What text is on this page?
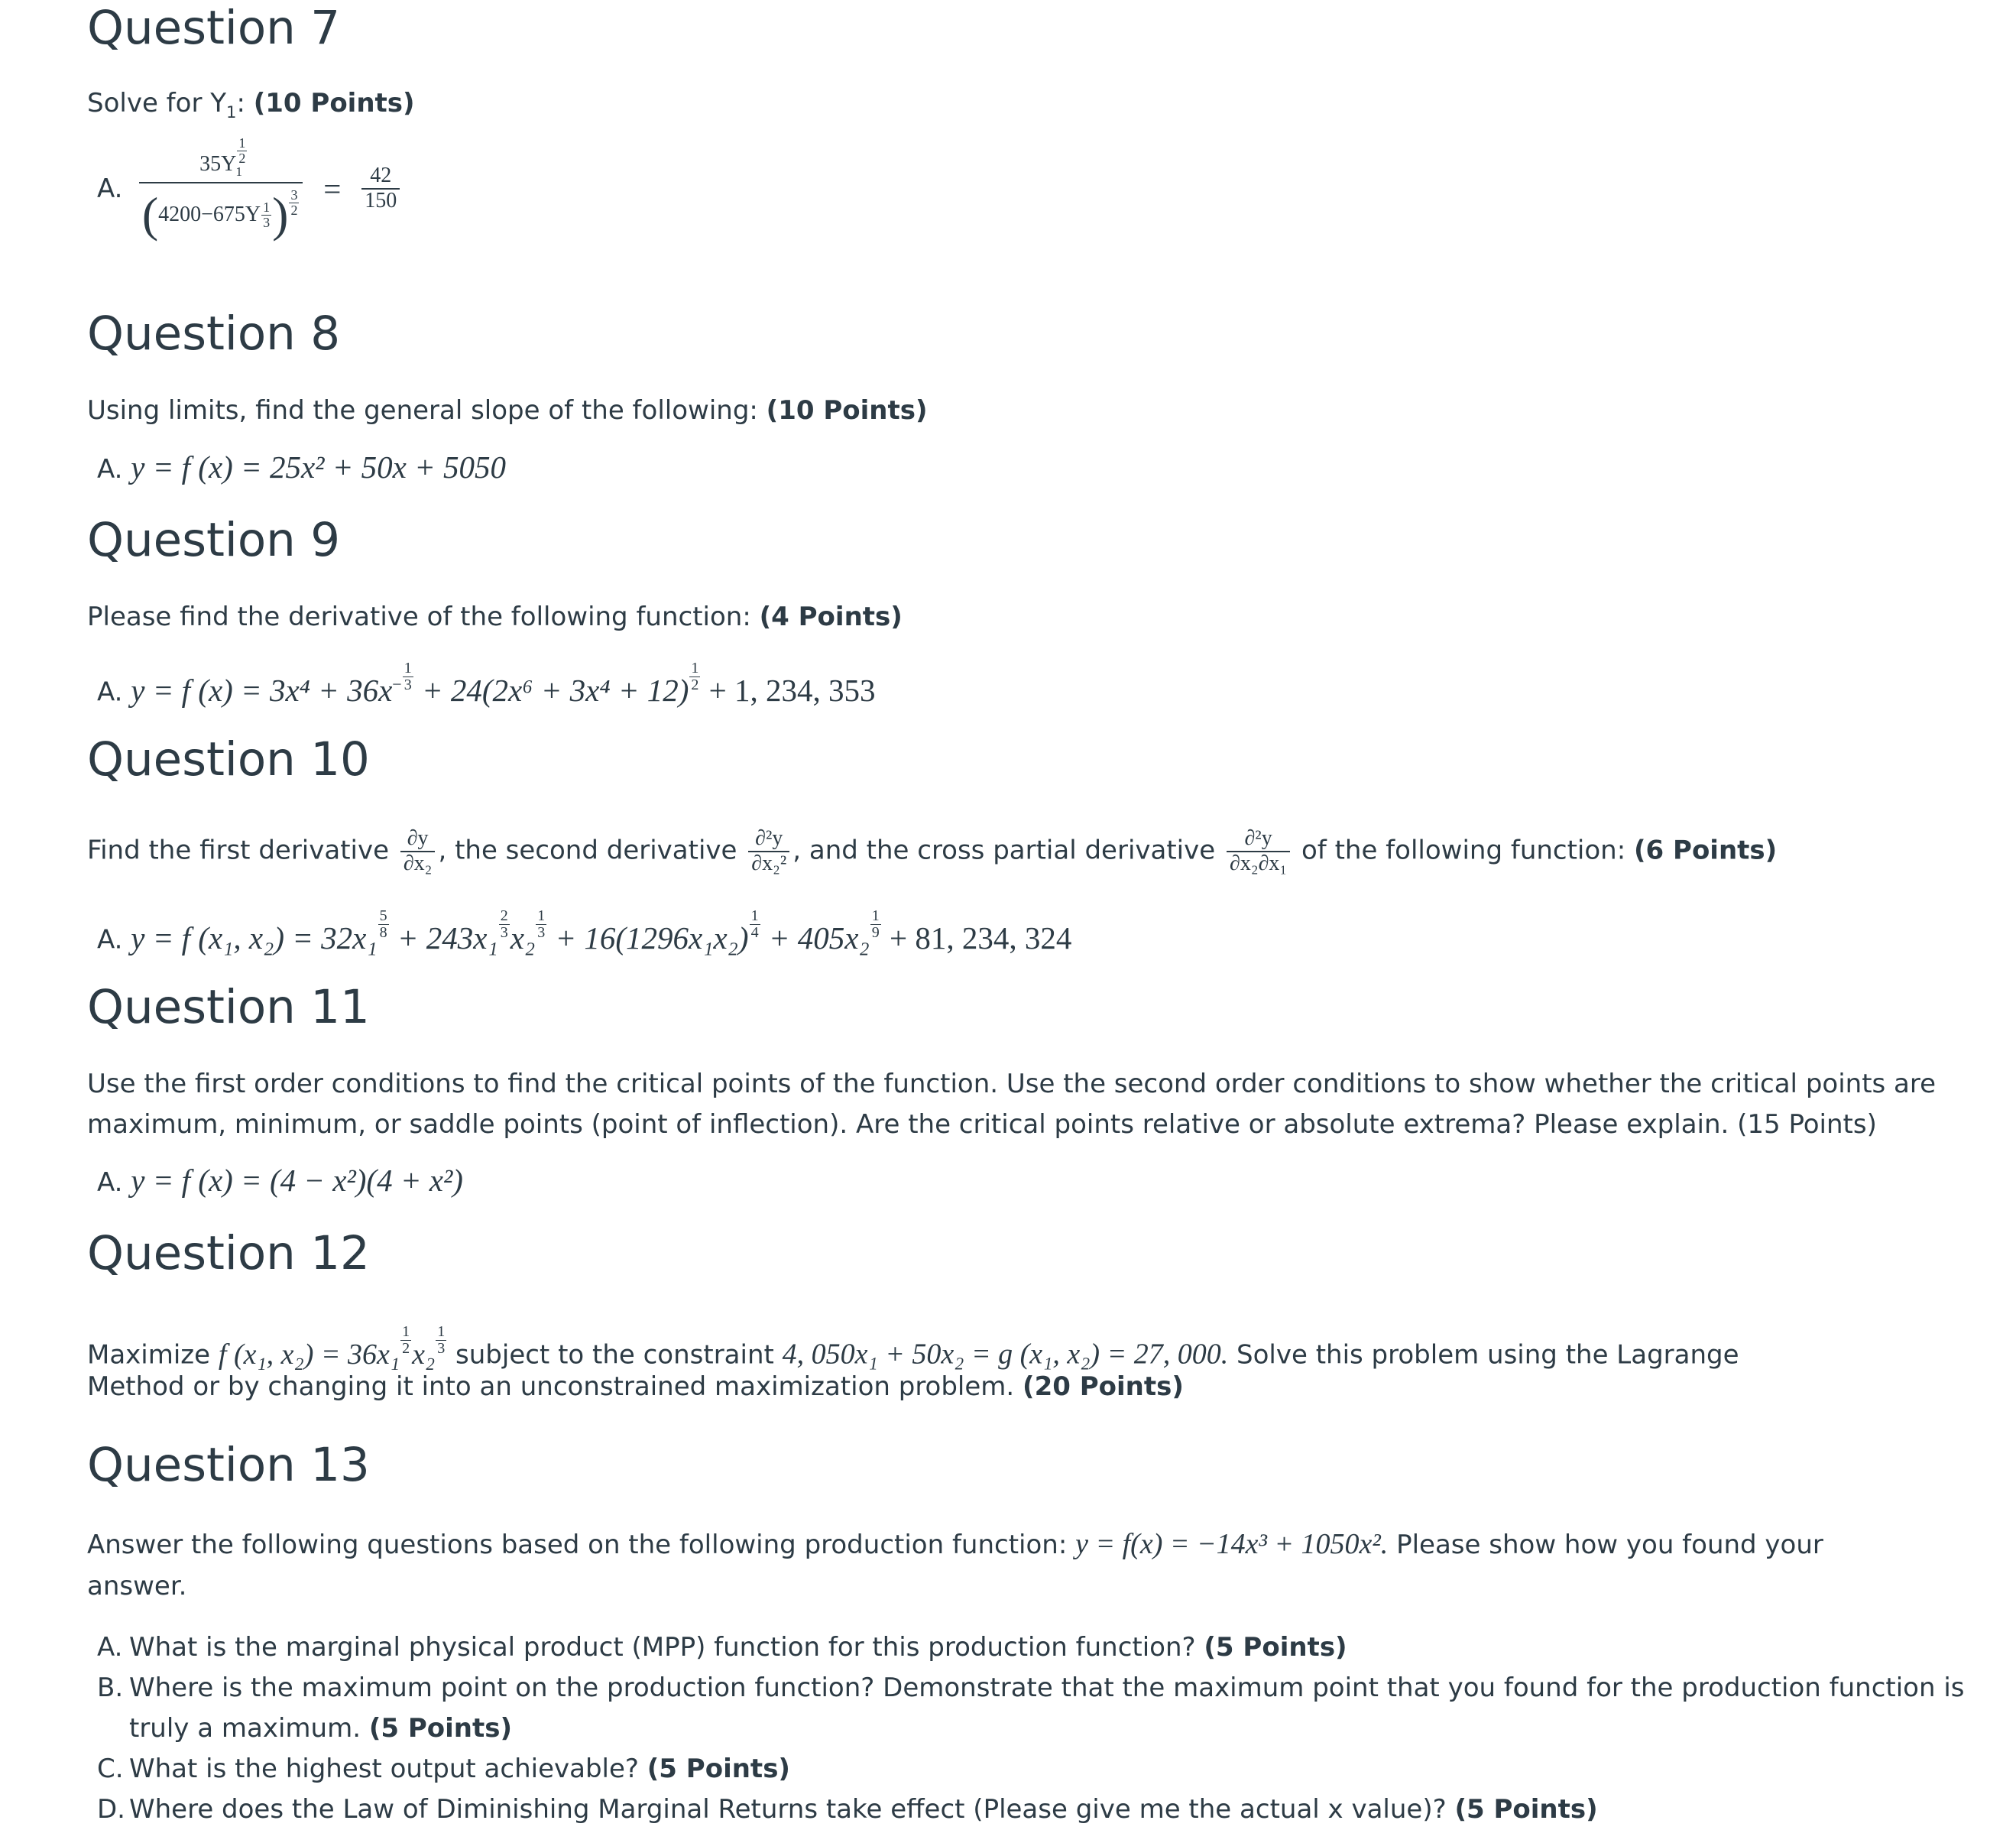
Question 7

Solve for $Y_1$: (10 Points)

A. $35Y \frac{1}{2}$
$_1$
($4200-675Y \frac{1}{3}$ ) $\frac{3}{2} = \frac{42}{150}$
Question 8

Using limits, find the general slope of the following: (10 Points)

A. y = f (x) = 25x² + 50x + 5050

Question 9

Please find the derivative of the following function: (4 Points)

A. y = f $(x) = 3x^4 + 36x^- \frac{1}{3} + 24(2x^6 + 3x^4 + 12) \frac{1}{2} + 1$, 234, 353

Question 10

Find the first derivative $\frac{\partial y}{\text{∂x₂}}$ , the second derivative $\frac{\text{∂²y}}{\text{∂x₂²}}$ , and the cross partial derivative $\frac{\text{∂²y}}{\text{∂x₂∂x₁}}$ of the following function: (6 Points)

A. y = f (x₁, $x_2) = 32x_1 \frac{5}{8} + 243x_1 \frac{2}{3} x_2 \frac{1}{3} + 16(1296x_1x_2) \frac{1}{4} + 405x_2 \frac{1}{9} + 81$, 234, 324

Question 11

Use the first order conditions to find the critical points of the function. Use the second order conditions to show whether the critical points are

maximum, minimum, or saddle points (point of inflection). Are the critical points relative or absolute extrema? Please explain. (15 Points)

A. y = f (x) = (4 − x²)(4 + x²)

Question 12

Maximize f (x₁, $x_2) = 36x_1 \frac{1}{2} x_2 \frac{1}{3}$ subject to the constraint 4, 050x₁ + 50x₂ = g (x₁, x₂) = 27, 000. Solve this problem using the Lagrange

Method or by changing it into an unconstrained maximization problem. (20 Points)

Question 13

Answer the following questions based on the following production function: y = f(x) = −14x³ + 1050x². Please show how you found your

answer.

A. What is the marginal physical product (MPP) function for this production function? (5 Points)

B. Where is the maximum point on the production function? Demonstrate that the maximum point that you found for the production function is

truly a maximum. (5 Points)

C. What is the highest output achievable? (5 Points)

D. Where does the Law of Diminishing Marginal Returns take effect (Please give me the actual x value)? (5 Points)
